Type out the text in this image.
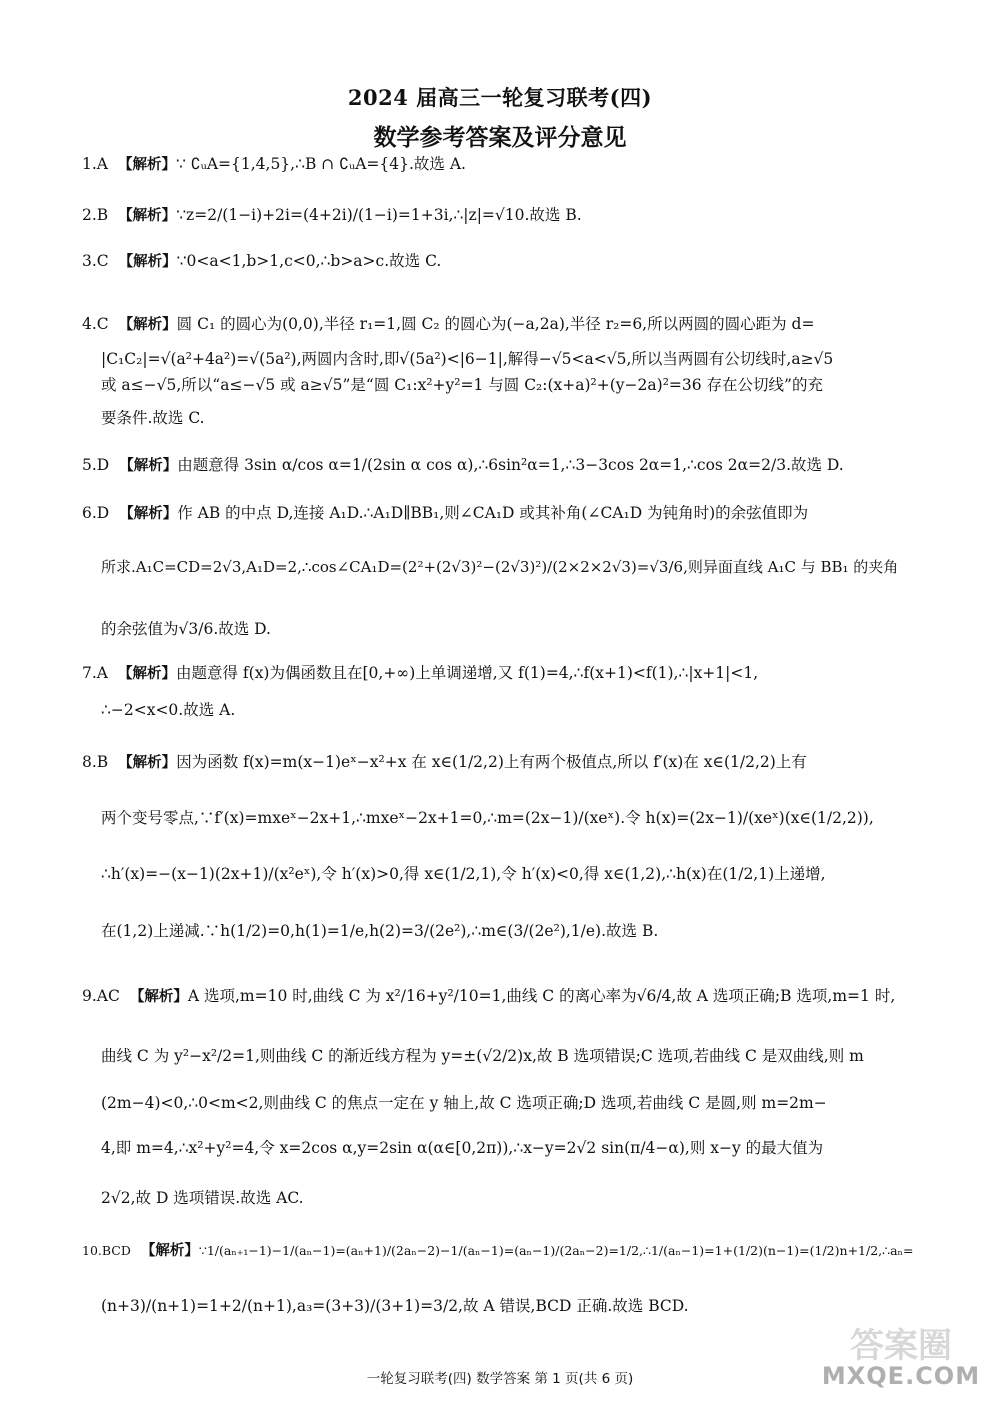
2024 届高三一轮复习联考(四)
数学参考答案及评分意见
1.A 【解析】∵ ∁ᵤA={1,4,5},∴B ∩ ∁ᵤA={4}.故选 A.
2.B 【解析】∵z=2/(1−i)+2i=(4+2i)/(1−i)=1+3i,∴|z|=√10.故选 B.
3.C 【解析】∵0<a<1,b>1,c<0,∴b>a>c.故选 C.
4.C 【解析】圆 C₁ 的圆心为(0,0),半径 r₁=1,圆 C₂ 的圆心为(−a,2a),半径 r₂=6,所以两圆的圆心距为 d=
|C₁C₂|=√(a²+4a²)=√(5a²),两圆内含时,即√(5a²)<|6−1|,解得−√5<a<√5,所以当两圆有公切线时,a≥√5
或 a≤−√5,所以“a≤−√5 或 a≥√5”是“圆 C₁:x²+y²=1 与圆 C₂:(x+a)²+(y−2a)²=36 存在公切线”的充
要条件.故选 C.
5.D 【解析】由题意得 3sin α/cos α=1/(2sin α cos α),∴6sin²α=1,∴3−3cos 2α=1,∴cos 2α=2/3.故选 D.
6.D 【解析】作 AB 的中点 D,连接 A₁D.∴A₁D∥BB₁,则∠CA₁D 或其补角(∠CA₁D 为钝角时)的余弦值即为
所求.A₁C=CD=2√3,A₁D=2,∴cos∠CA₁D=(2²+(2√3)²−(2√3)²)/(2×2×2√3)=√3/6,则异面直线 A₁C 与 BB₁ 的夹角
的余弦值为√3/6.故选 D.
7.A 【解析】由题意得 f(x)为偶函数且在[0,+∞)上单调递增,又 f(1)=4,∴f(x+1)<f(1),∴|x+1|<1,
∴−2<x<0.故选 A.
8.B 【解析】因为函数 f(x)=m(x−1)eˣ−x²+x 在 x∈(1/2,2)上有两个极值点,所以 f′(x)在 x∈(1/2,2)上有
两个变号零点,∵f′(x)=mxeˣ−2x+1,∴mxeˣ−2x+1=0,∴m=(2x−1)/(xeˣ).令 h(x)=(2x−1)/(xeˣ)(x∈(1/2,2)),
∴h′(x)=−(x−1)(2x+1)/(x²eˣ),令 h′(x)>0,得 x∈(1/2,1),令 h′(x)<0,得 x∈(1,2),∴h(x)在(1/2,1)上递增,
在(1,2)上递减.∵h(1/2)=0,h(1)=1/e,h(2)=3/(2e²),∴m∈(3/(2e²),1/e).故选 B.
9.AC 【解析】A 选项,m=10 时,曲线 C 为 x²/16+y²/10=1,曲线 C 的离心率为√6/4,故 A 选项正确;B 选项,m=1 时,
曲线 C 为 y²−x²/2=1,则曲线 C 的渐近线方程为 y=±(√2/2)x,故 B 选项错误;C 选项,若曲线 C 是双曲线,则 m
(2m−4)<0,∴0<m<2,则曲线 C 的焦点一定在 y 轴上,故 C 选项正确;D 选项,若曲线 C 是圆,则 m=2m−
4,即 m=4,∴x²+y²=4,令 x=2cos α,y=2sin α(α∈[0,2π)),∴x−y=2√2 sin(π/4−α),则 x−y 的最大值为
2√2,故 D 选项错误.故选 AC.
10.BCD 【解析】∵1/(aₙ₊₁−1)−1/(aₙ−1)=(aₙ+1)/(2aₙ−2)−1/(aₙ−1)=(aₙ−1)/(2aₙ−2)=1/2,∴1/(aₙ−1)=1+(1/2)(n−1)=(1/2)n+1/2,∴aₙ=
(n+3)/(n+1)=1+2/(n+1),a₃=(3+3)/(3+1)=3/2,故 A 错误,BCD 正确.故选 BCD.
一轮复习联考(四) 数学答案 第 1 页(共 6 页)
答案圈
MXQE.COM
